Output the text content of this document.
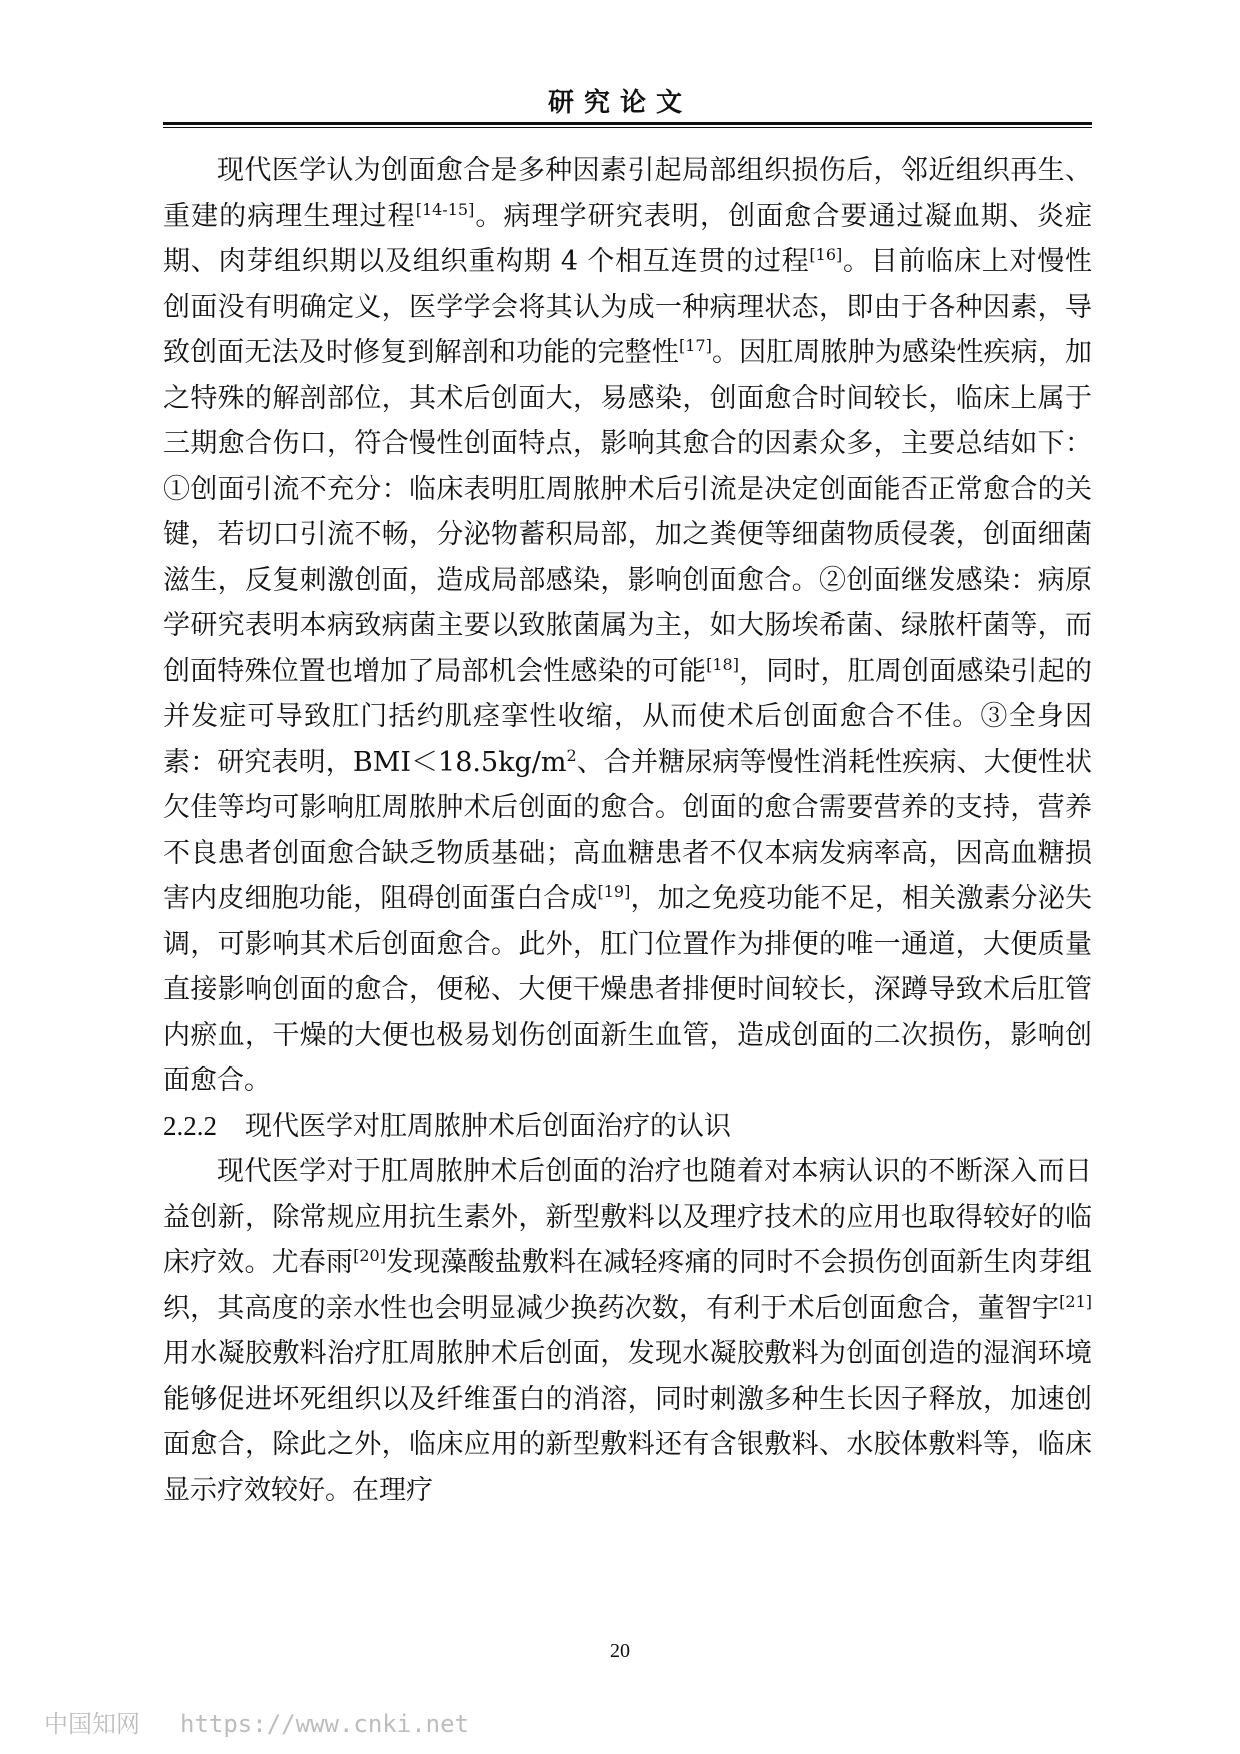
研究论文

现代医学认为创面愈合是多种因素引起局部组织损伤后，邻近组织再生、重建的病理生理过程[14-15]。病理学研究表明，创面愈合要通过凝血期、炎症期、肉芽组织期以及组织重构期 4 个相互连贯的过程[16]。目前临床上对慢性创面没有明确定义，医学学会将其认为成一种病理状态，即由于各种因素，导致创面无法及时修复到解剖和功能的完整性[17]。因肛周脓肿为感染性疾病，加之特殊的解剖部位，其术后创面大，易感染，创面愈合时间较长，临床上属于三期愈合伤口，符合慢性创面特点，影响其愈合的因素众多，主要总结如下：①创面引流不充分：临床表明肛周脓肿术后引流是决定创面能否正常愈合的关键，若切口引流不畅，分泌物蓄积局部，加之粪便等细菌物质侵袭，创面细菌滋生，反复刺激创面，造成局部感染，影响创面愈合。②创面继发感染：病原学研究表明本病致病菌主要以致脓菌属为主，如大肠埃希菌、绿脓杆菌等，而创面特殊位置也增加了局部机会性感染的可能[18]，同时，肛周创面感染引起的并发症可导致肛门括约肌痉挛性收缩，从而使术后创面愈合不佳。③全身因素：研究表明，$BMI<18.5kg/m^2$、合并糖尿病等慢性消耗性疾病、大便性状欠佳等均可影响肛周脓肿术后创面的愈合。创面的愈合需要营养的支持，营养不良患者创面愈合缺乏物质基础；高血糖患者不仅本病发病率高，因高血糖损害内皮细胞功能，阻碍创面蛋白合成[19]，加之免疫功能不足，相关激素分泌失调，可影响其术后创面愈合。此外，肛门位置作为排便的唯一通道，大便质量直接影响创面的愈合，便秘、大便干燥患者排便时间较长，深蹲导致术后肛管内瘀血，干燥的大便也极易划伤创面新生血管，造成创面的二次损伤，影响创面愈合。

2.2.2 现代医学对肛周脓肿术后创面治疗的认识

现代医学对于肛周脓肿术后创面的治疗也随着对本病认识的不断深入而日益创新，除常规应用抗生素外，新型敷料以及理疗技术的应用也取得较好的临床疗效。尤春雨[20]发现藻酸盐敷料在减轻疼痛的同时不会损伤创面新生肉芽组织，其高度的亲水性也会明显减少换药次数，有利于术后创面愈合，董智宇[21]用水凝胶敷料治疗肛周脓肿术后创面，发现水凝胶敷料为创面创造的湿润环境能够促进坏死组织以及纤维蛋白的消溶，同时刺激多种生长因子释放，加速创面愈合，除此之外，临床应用的新型敷料还有含银敷料、水胶体敷料等，临床显示疗效较好。在理疗

20
中国知网 https://www.cnki.net
